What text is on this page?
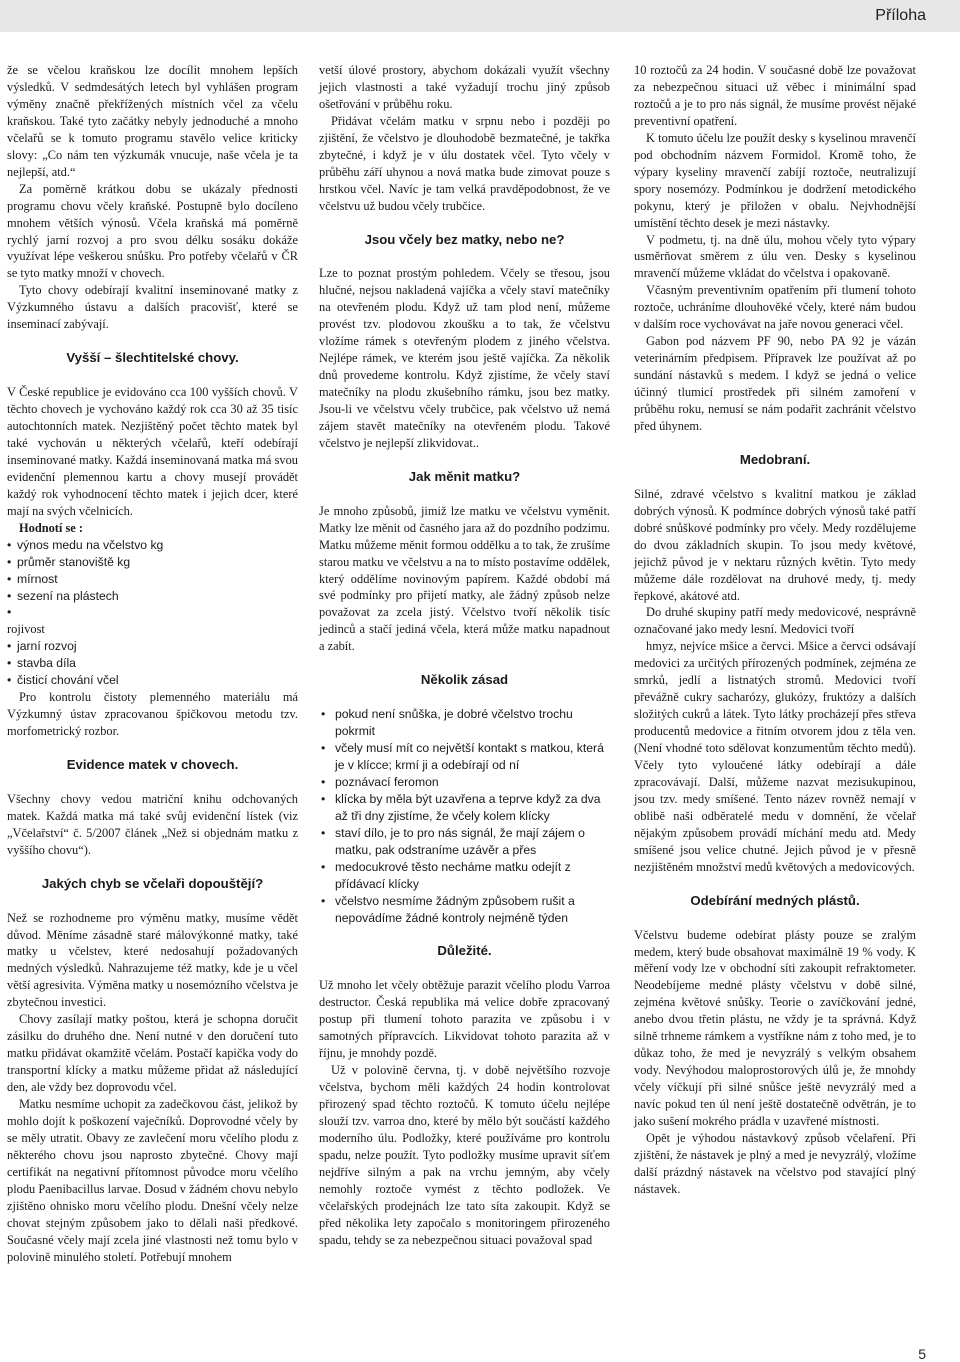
Příloha

že se včelou kraňskou lze docílit mnohem lepších výsledků. V sedmdesátých letech byl vyhlášen program výměny značně překřížených místních včel za včelu kraňskou. Také tyto začátky nebyly jednoduché a mnoho včelařů se k tomuto programu stavělo velice kriticky slovy: „Co nám ten výzkumák vnucuje, naše včela je ta nejlepší, atd.“

Za poměrně krátkou dobu se ukázaly přednosti programu chovu včely kraňské. Postupně bylo docíleno mnohem větších výnosů. Včela kraňská má poměrně rychlý jarní rozvoj a pro svou délku sosáku dokáže využívat lépe veškerou snůšku. Pro potřeby včelařů v ČR se tyto matky množí v chovech.

Tyto chovy odebírají kvalitní inseminované matky z Výzkumného ústavu a dalších pracovišť, které se inseminací zabývají.

Vyšší – šlechtitelské chovy.

V České republice je evidováno cca 100 vyšších chovů. V těchto chovech je vychováno každý rok cca 30 až 35 tisíc autochtonních matek. Nezjištěný počet těchto matek byl také vychován u některých včelařů, kteří odebírají inseminované matky. Každá inseminovaná matka má svou evidenční plemennou kartu a chovy musejí provádět každý rok vyhodnocení těchto matek i jejich dcer, které mají na svých včelnicích.

Hodnotí se :

• výnos medu na včelstvo kg
• průměr stanoviště kg
• mírnost
• sezení na plástech
•

rojivost

• jarní rozvoj
• stavba díla
• čisticí chování včel

Pro kontrolu čistoty plemenného materiálu má Výzkumný ústav zpracovanou špičkovou metodu tzv. morfometrický rozbor.

Evidence matek v chovech.

Všechny chovy vedou matriční knihu odchovaných matek. Každá matka má také svůj evidenční lístek (viz „Včelařství“ č. 5/2007 článek „Než si objednám matku z vyššího chovu“).

Jakých chyb se včelaři dopouštějí?

Než se rozhodneme pro výměnu matky, musíme vědět důvod. Měníme zásadně staré málovýkonné matky, také matky u včelstev, které nedosahují požadovaných medných výsledků. Nahrazujeme též matky, kde je u včel větší agresivita. Výměna matky u nosemózního včelstva je zbytečnou investici.

Chovy zasílají matky poštou, která je schopna doručit zásilku do druhého dne. Není nutné v den doručení tuto matku přidávat okamžitě včelám. Postačí kapička vody do transportní klícky a matku můžeme přidat až následující den, ale vždy bez doprovodu včel.

Matku nesmíme uchopit za zadečkovou část, jelikož by mohlo dojít k poškození vaječníků. Doprovodné včely by se měly utratit. Obavy ze zavlečení moru včelího plodu z některého chovu jsou naprosto zbytečné. Chovy mají certifikát na negativní přítomnost původce moru včelího plodu Paenibacillus larvae. Dosud v žádném chovu nebylo zjištěno ohnisko moru včelího plodu. Dnešní včely nelze chovat stejným způsobem jako to dělali naši předkové. Současné včely mají zcela jiné vlastnosti než tomu bylo v polovině minulého století. Potřebují mnohem

vetší úlové prostory, abychom dokázali využít všechny jejich vlastnosti a také vyžadují trochu jiný způsob ošetřování v průběhu roku.

Přidávat včelám matku v srpnu nebo i později po zjištění, že včelstvo je dlouhodobě bezmatečné, je takřka zbytečné, i když je v úlu dostatek včel. Tyto včely v průběhu září uhynou a nová matka bude zimovat pouze s hrstkou včel. Navíc je tam velká pravděpodobnost, že ve včelstvu už budou včely trubčice.

Jsou včely bez matky, nebo ne?

Lze to poznat prostým pohledem. Včely se třesou, jsou hlučné, nejsou nakladená vajíčka a včely staví matečníky na otevřeném plodu. Když už tam plod není, můžeme provést tzv. plodovou zkoušku a to tak, že včelstvu vložíme rámek s otevřeným plodem z jiného včelstva. Nejlépe rámek, ve kterém jsou ještě vajíčka. Za několik dnů provedeme kontrolu. Když zjistíme, že včely staví matečníky na plodu zkušebního rámku, jsou bez matky. Jsou-li ve včelstvu včely trubčice, pak včelstvo už nemá zájem stavět matečníky na otevřeném plodu. Takové včelstvo je nejlepší zlikvidovat..

Jak měnit matku?

Je mnoho způsobů, jimiž lze matku ve včelstvu vyměnit. Matky lze měnit od časného jara až do pozdního podzimu. Matku můžeme měnit formou oddělku a to tak, že zrušíme starou matku ve včelstvu a na to místo postavíme oddělek, který oddělíme novinovým papírem. Každé období má své podmínky pro přijetí matky, ale žádný způsob nelze považovat za zcela jistý. Včelstvo tvoří několik tisíc jedinců a stačí jediná včela, která může matku napadnout a zabít.

Několik zásad
• pokud není snůška, je dobré včelstvo trochu pokrmit
• včely musí mít co největší kontakt s matkou, která je v klícce; krmí ji a odebírají od ní
• poznávací feromon
• klícka by měla být uzavřena a teprve když za dva až tři dny zjistíme, že včely kolem klícky
• staví dílo, je to pro nás signál, že mají zájem o matku, pak odstraníme uzávěr a přes
• medocukrové těsto necháme matku odejít z přídávací klícky
• včelstvo nesmíme žádným způsobem rušit a nepovádíme žádné kontroly nejméně týden
Důležité.

Už mnoho let včely obtěžuje parazit včelího plodu Varroa destructor. Česká republika má velice dobře zpracovaný postup při tlumení tohoto parazita ve způsobu i v samotných přípravcích. Likvidovat tohoto parazita až v říjnu, je mnohdy pozdě.

Už v polovině června, tj. v době největšího rozvoje včelstva, bychom měli každých 24 hodin kontrolovat přirozený spad těchto roztočů. K tomuto účelu nejlépe slouží tzv. varroa dno, které by mělo být součástí každého moderního úlu. Podložky, které používáme pro kontrolu spadu, nelze použít. Tyto podložky musíme upravit síťem nejdříve silným a pak na vrchu jemným, aby včely nemohly roztoče vymést z těchto podložek. Ve včelařských prodejnách lze tato síta zakoupit. Když se před několika lety započalo s monitoringem přirozeného spadu, tehdy se za nebezpečnou situaci považoval spad

10 roztočů za 24 hodin. V současné době lze považovat za nebezpečnou situaci už věbec i minimální spad roztočů a je to pro nás signál, že musíme provést nějaké preventivní opatření.

K tomuto účelu lze použít desky s kyselinou mravenčí pod obchodním názvem Formidol. Kromě toho, že výpary kyseliny mravenčí zabíjí roztoče, neutralizují spory nosemózy. Podmínkou je dodržení metodického pokynu, který je přiložen v obalu. Nejvhodnější umístění těchto desek je mezi nástavky.

V podmetu, tj. na dně úlu, mohou včely tyto výpary usměrňovat směrem z úlu ven. Desky s kyselinou mravenčí můžeme vkládat do včelstva i opakovaně.

Včasným preventivním opatřením při tlumení tohoto roztoče, uchráníme dlouhověké včely, které nám budou v dalším roce vychovávat na jaře novou generaci včel.

Gabon pod názvem PF 90, nebo PA 92 je vázán veterinárním předpisem. Přípravek lze používat až po sundání nástavků s medem. I když se jedná o velice účinný tlumicí prostředek při silném zamoření v průběhu roku, nemusí se nám podařit zachránit včelstvo před úhynem.

Medobraní.

Silné, zdravé včelstvo s kvalitní matkou je základ dobrých výnosů. K podmínce dobrých výnosů také patří dobré snůškové podmínky pro včely. Medy rozdělujeme do dvou základních skupin. To jsou medy květové, jejichž původ je v nektaru různých květin. Tyto medy můžeme dále rozdělovat na druhové medy, tj. medy řepkové, akátové atd.

Do druhé skupiny patří medy medovicové, nesprávně označované jako medy lesní. Medovici tvoří

hmyz, nejvíce mšice a červci. Mšice a červci odsávají medovici za určitých přírozených podmínek, zejména ze smrků, jedlí a listnatých stromů. Medovici tvoří převážně cukry sacharózy, glukózy, fruktózy a dalších složitých cukrů a látek. Tyto látky procházejí přes střeva producentů medovice a řitním otvorem jdou z těla ven. (Není vhodné toto sdělovat konzumentům těchto medů). Včely tyto vyloučené látky odebírají a dále zpracovávají. Další, můžeme nazvat mezisukupinou, jsou tzv. medy smíšené. Tento název rovněž nemají v oblibě naši odběratelé medu v domnění, že včelař nějakým způsobem provádí míchání medu atd. Medy smíšené jsou velice chutné. Jejich původ je v přesně nezjištěném množství medů květových a medovicových.

Odebírání medných plástů.

Včelstvu budeme odebírat plásty pouze se zralým medem, který bude obsahovat maximálně 19 % vody. K měření vody lze v obchodní síti zakoupit refraktometer. Neodebíjeme medné plásty včelstvu v době silné, zejména květové snůšky. Teorie o zavíčkování jedné, anebo dvou třetin plástu, ne vždy je ta správná. Když silně trhneme rámkem a vystříkne nám z toho med, je to důkaz toho, že med je nevyzrálý s velkým obsahem vody. Nevýhodou maloprostorových úlů je, že mnohdy včely víčkují při silné snůšce ještě nevyzrálý med a navíc pokud ten úl není ještě dostatečně odvětrán, je to jako sušení mokrého prádla v uzavřené místnosti.

Opět je výhodou nástavkový způsob včelaření. Při zjištění, že nástavek je plný a med je nevyzrálý, vložíme další prázdný nástavek na včelstvo pod stavající plný nástavek.

5
